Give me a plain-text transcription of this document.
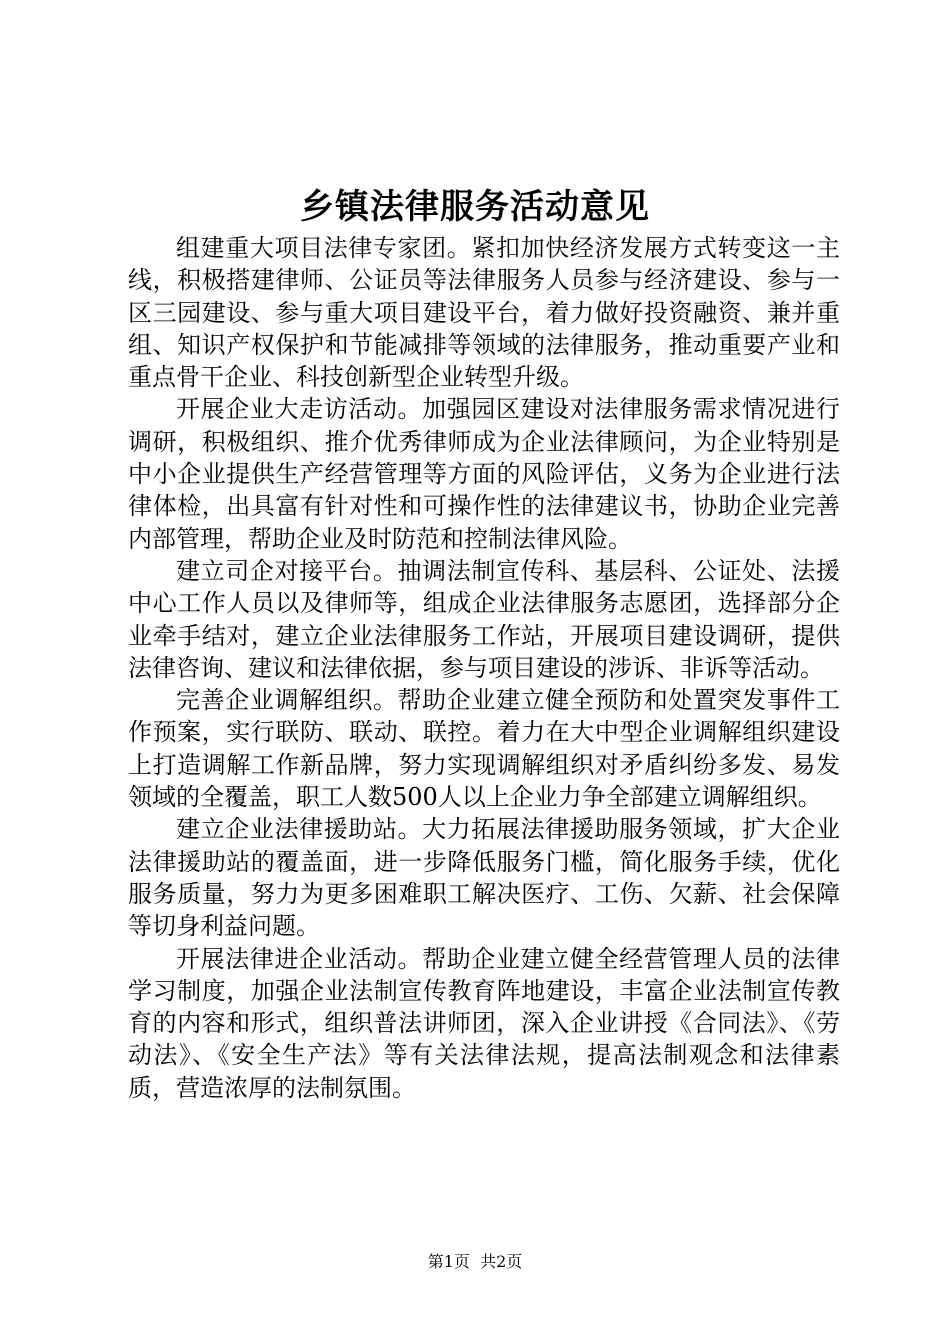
乡镇法律服务活动意见

组建重大项目法律专家团。紧扣加快经济发展方式转变这一主线，积极搭建律师、公证员等法律服务人员参与经济建设、参与一区三园建设、参与重大项目建设平台，着力做好投资融资、兼并重组、知识产权保护和节能减排等领域的法律服务，推动重要产业和重点骨干企业、科技创新型企业转型升级。

开展企业大走访活动。加强园区建设对法律服务需求情况进行调研，积极组织、推介优秀律师成为企业法律顾问，为企业特别是中小企业提供生产经营管理等方面的风险评估，义务为企业进行法律体检，出具富有针对性和可操作性的法律建议书，协助企业完善内部管理，帮助企业及时防范和控制法律风险。

建立司企对接平台。抽调法制宣传科、基层科、公证处、法援中心工作人员以及律师等，组成企业法律服务志愿团，选择部分企业牵手结对，建立企业法律服务工作站，开展项目建设调研，提供法律咨询、建议和法律依据，参与项目建设的涉诉、非诉等活动。

完善企业调解组织。帮助企业建立健全预防和处置突发事件工作预案，实行联防、联动、联控。着力在大中型企业调解组织建设上打造调解工作新品牌，努力实现调解组织对矛盾纠纷多发、易发领域的全覆盖，职工人数500人以上企业力争全部建立调解组织。

建立企业法律援助站。大力拓展法律援助服务领域，扩大企业法律援助站的覆盖面，进一步降低服务门槛，简化服务手续，优化服务质量，努力为更多困难职工解决医疗、工伤、欠薪、社会保障等切身利益问题。

开展法律进企业活动。帮助企业建立健全经营管理人员的法律学习制度，加强企业法制宣传教育阵地建设，丰富企业法制宣传教育的内容和形式，组织普法讲师团，深入企业讲授《合同法》、《劳动法》、《安全生产法》等有关法律法规，提高法制观念和法律素质，营造浓厚的法制氛围。

第1页  共2页
